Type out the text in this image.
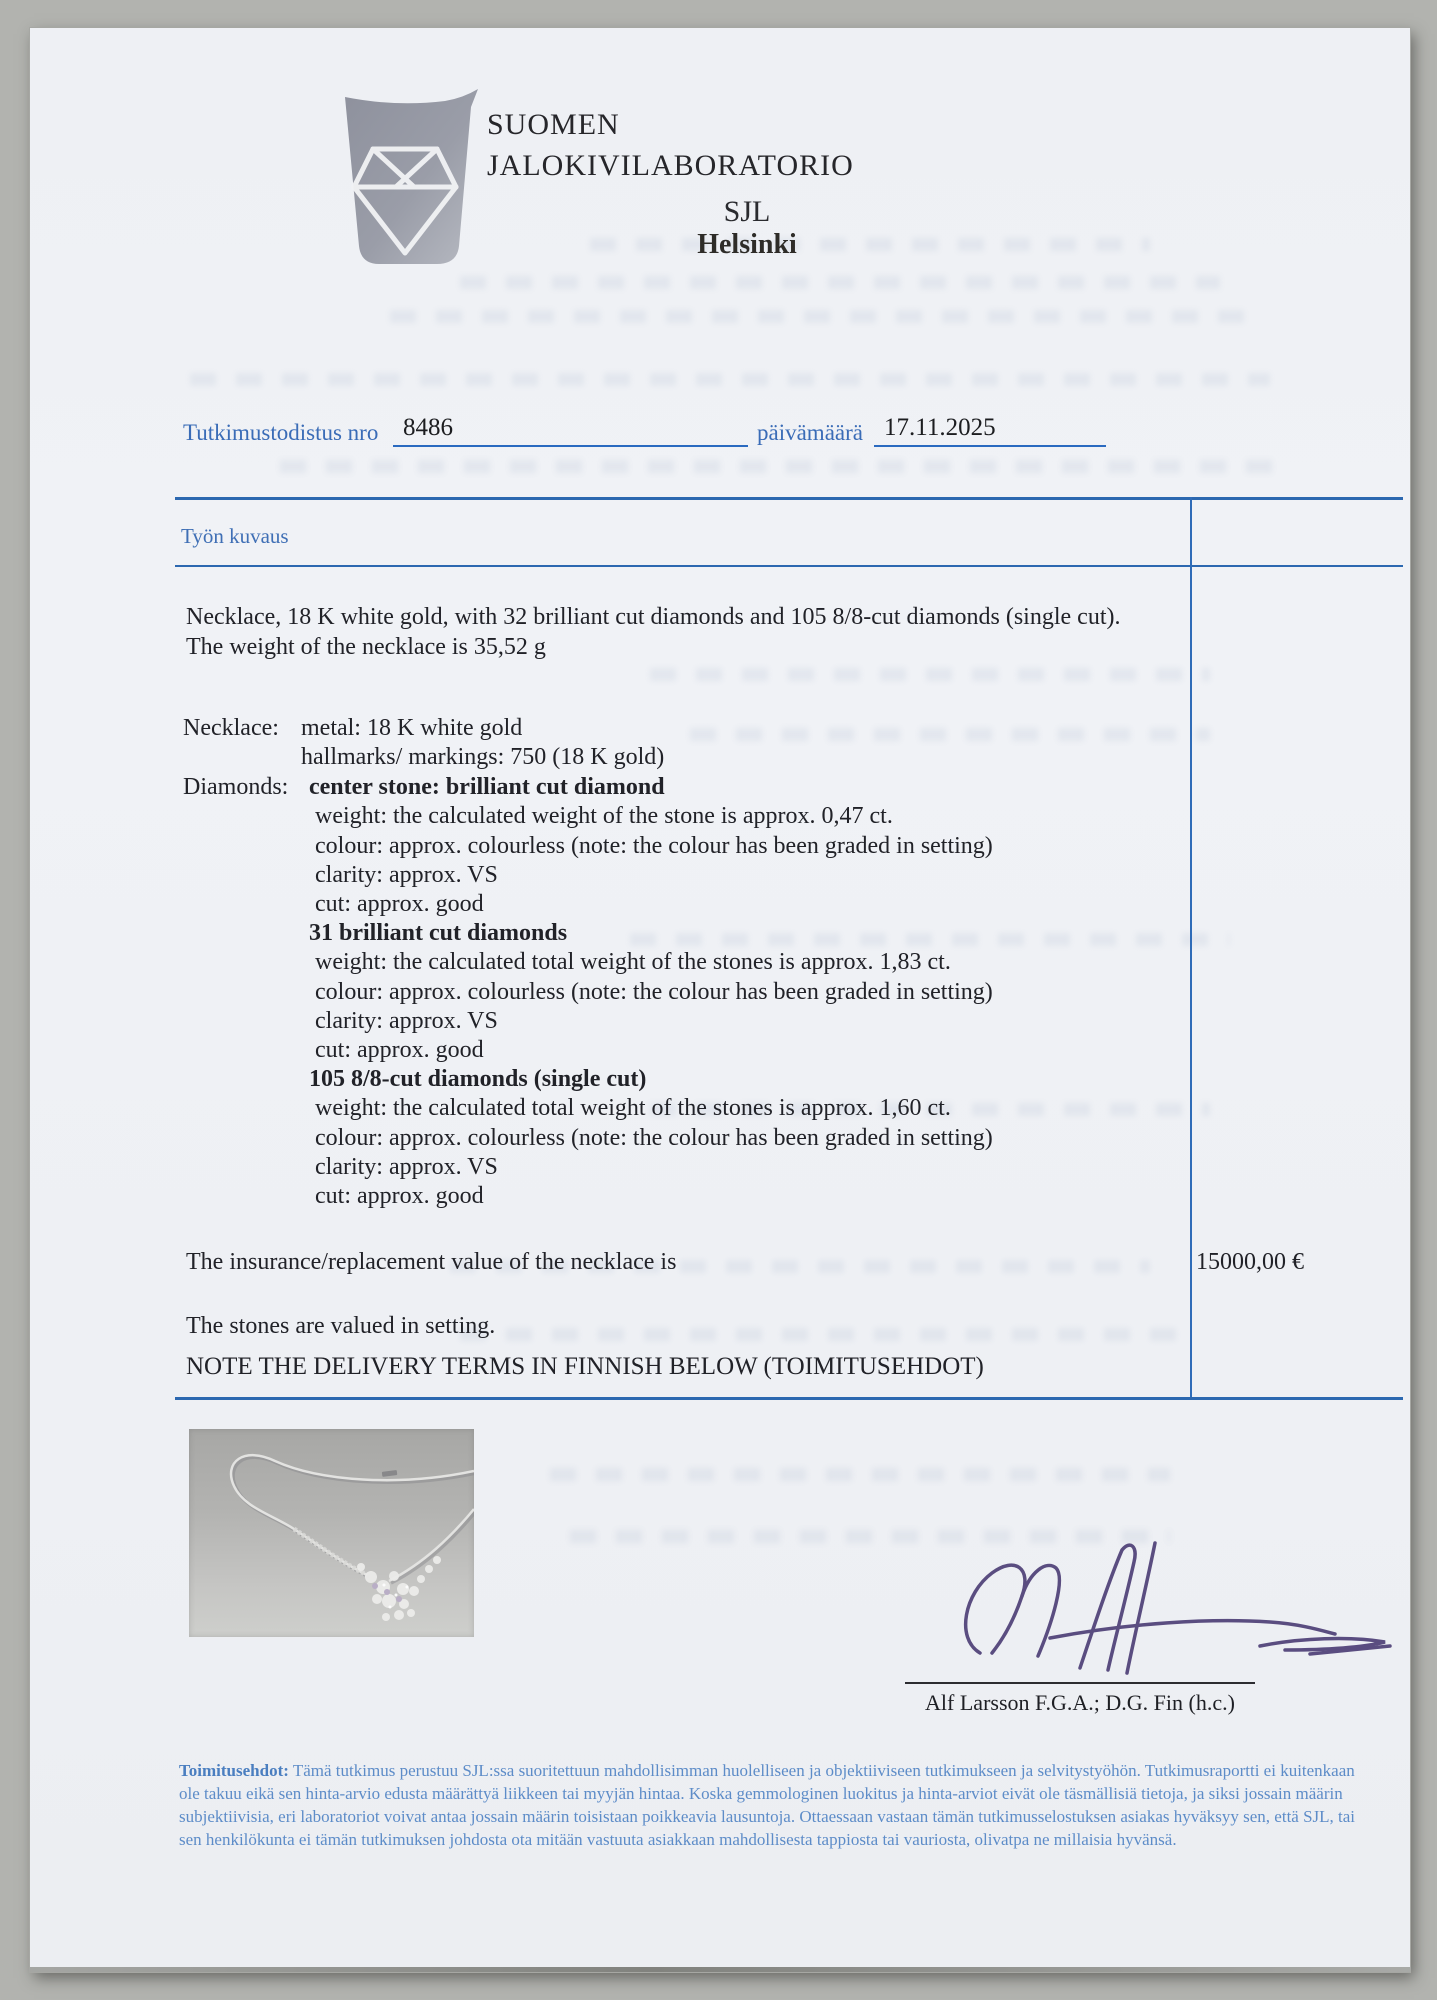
SUOMEN
JALOKIVILABORATORIO
SJL
Helsinki
Tutkimustodistus nro 8486	päivämäärä 17.11.2025
Työn kuvaus
Necklace, 18 K white gold, with 32 brilliant cut diamonds and 105 8/8-cut diamonds (single cut).
The weight of the necklace is 35,52 g
Necklace: metal: 18 K white gold
hallmarks/ markings: 750 (18 K gold)
Diamonds: center stone: brilliant cut diamond
weight: the calculated weight of the stone is approx. 0,47 ct.
colour: approx. colourless (note: the colour has been graded in setting)
clarity: approx. VS
cut: approx. good
31 brilliant cut diamonds
weight: the calculated total weight of the stones is approx. 1,83 ct.
colour: approx. colourless (note: the colour has been graded in setting)
clarity: approx. VS
cut: approx. good
105 8/8-cut diamonds (single cut)
weight: the calculated total weight of the stones is approx. 1,60 ct.
colour: approx. colourless (note: the colour has been graded in setting)
clarity: approx. VS
cut: approx. good
The insurance/replacement value of the necklace is	15000,00 €
The stones are valued in setting.
NOTE THE DELIVERY TERMS IN FINNISH BELOW (TOIMITUSEHDOT)
Alf Larsson F.G.A.; D.G. Fin (h.c.)

Toimitusehdot: Tämä tutkimus perustuu SJL:ssa suoritettuun mahdollisimman huolelliseen ja objektiiviseen tutkimukseen ja selvitystyöhön. Tutkimusraportti ei kuitenkaan ole takuu eikä sen hinta-arvio edusta määrättyä liikkeen tai myyjän hintaa. Koska gemmologinen luokitus ja hinta-arviot eivät ole täsmällisiä tietoja, ja siksi jossain määrin subjektiivisia, eri laboratoriot voivat antaa jossain määrin toisistaan poikkeavia lausuntoja. Ottaessaan vastaan tämän tutkimusselostuksen asiakas hyväksyy sen, että SJL, tai sen henkilökunta ei tämän tutkimuksen johdosta ota mitään vastuuta asiakkaan mahdollisesta tappiosta tai vauriosta, olivatpa ne millaisia hyvänsä.
